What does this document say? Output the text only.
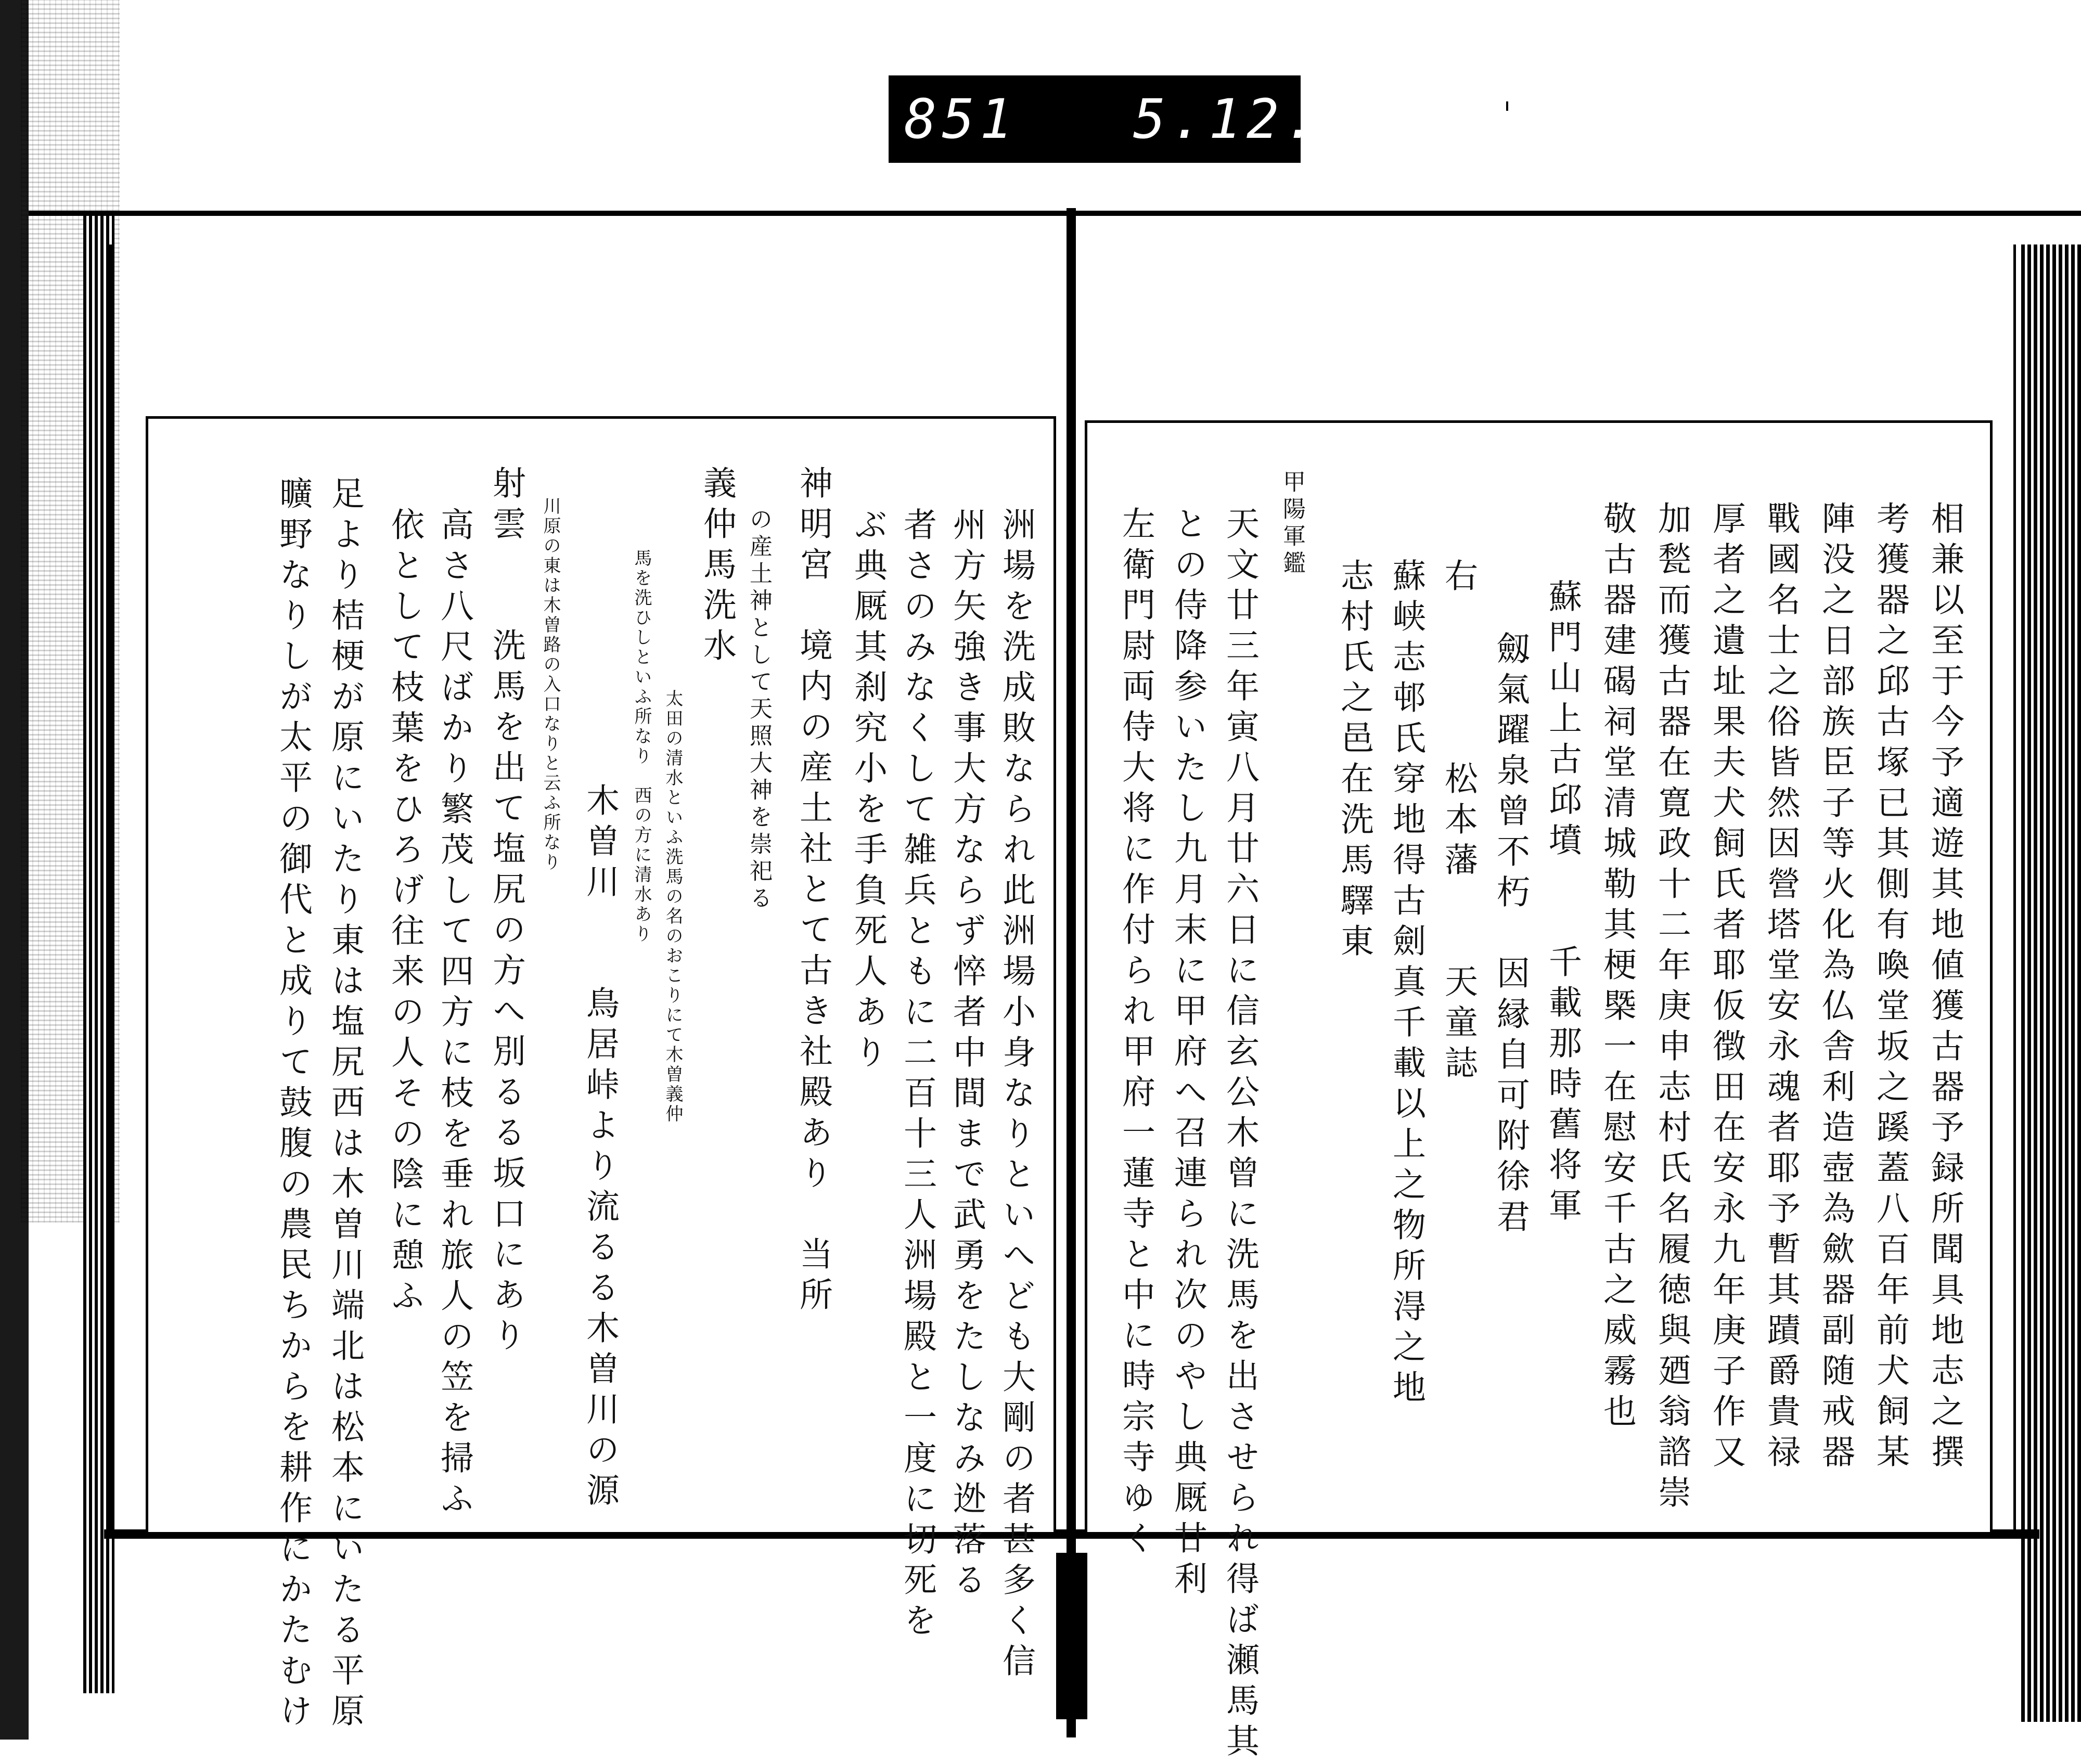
851 5.12.
相兼以至于今予適遊其地値獲古器予録所聞具地志之撰
考獲器之邱古塚已其側有喚堂坂之蹊蓋八百年前犬飼某
陣没之日部族臣子等火化為仏舎利造壺為歛器副随戒器
戰國名士之俗皆然因營塔堂安永魂者耶予暫其蹟爵貴禄
厚者之遺址果夫犬飼氏者耶仮徴田在安永九年庚子作又
加甃而獲古器在寛政十二年庚申志村氏名履徳與廼翁諮崇
敬古器建碣祠堂清城勒其梗槩一在慰安千古之威霧也
蘇門山上古邱墳　　千載那時舊将軍
劔氣躍泉曾不朽　因縁自可附徐君
右　　　　松本藩　　天童誌
蘇峡志邨氏穿地得古劍真千載以上之物所淂之地
志村氏之邑在洗馬驛東
甲陽軍鑑
天文廿三年寅八月廿六日に信玄公木曾に洗馬を出させられ得ば瀬馬其
との侍降参いたし九月末に甲府へ召連られ次のやし典厩甘利
左衛門尉両侍大将に作付られ甲府一蓮寺と中に時宗寺ゆく
洲場を洗成敗なられ此洲場小身なりといへども大剛の者甚多く信
州方矢強き事大方ならず悴者中間まで武勇をたしなみ迯落る
者さのみなくして雑兵ともに二百十三人洲場殿と一度に切死を
ぶ典厩其刹究小を手負死人あり
神明宮　境内の産土社とて古き社殿あり　当所
の産土神として天照大神を崇祀る
義仲馬洗水
太田の清水といふ洗馬の名のおこりにて木曽義仲
馬を洗ひしといふ所なり　西の方に清水あり
木曽川　　鳥居峠より流るる木曽川の源
川原の東は木曽路の入口なりと云ふ所なり
射雲　　洗馬を出て塩尻の方へ別るる坂口にあり
高さ八尺ばかり繁茂して四方に枝を垂れ旅人の笠を掃ふ
依として枝葉をひろげ往来の人その陰に憩ふ
足より桔梗が原にいたり東は塩尻西は木曽川端北は松本にいたる平原
曠野なりしが太平の御代と成りて鼓腹の農民ちからを耕作にかたむけ
